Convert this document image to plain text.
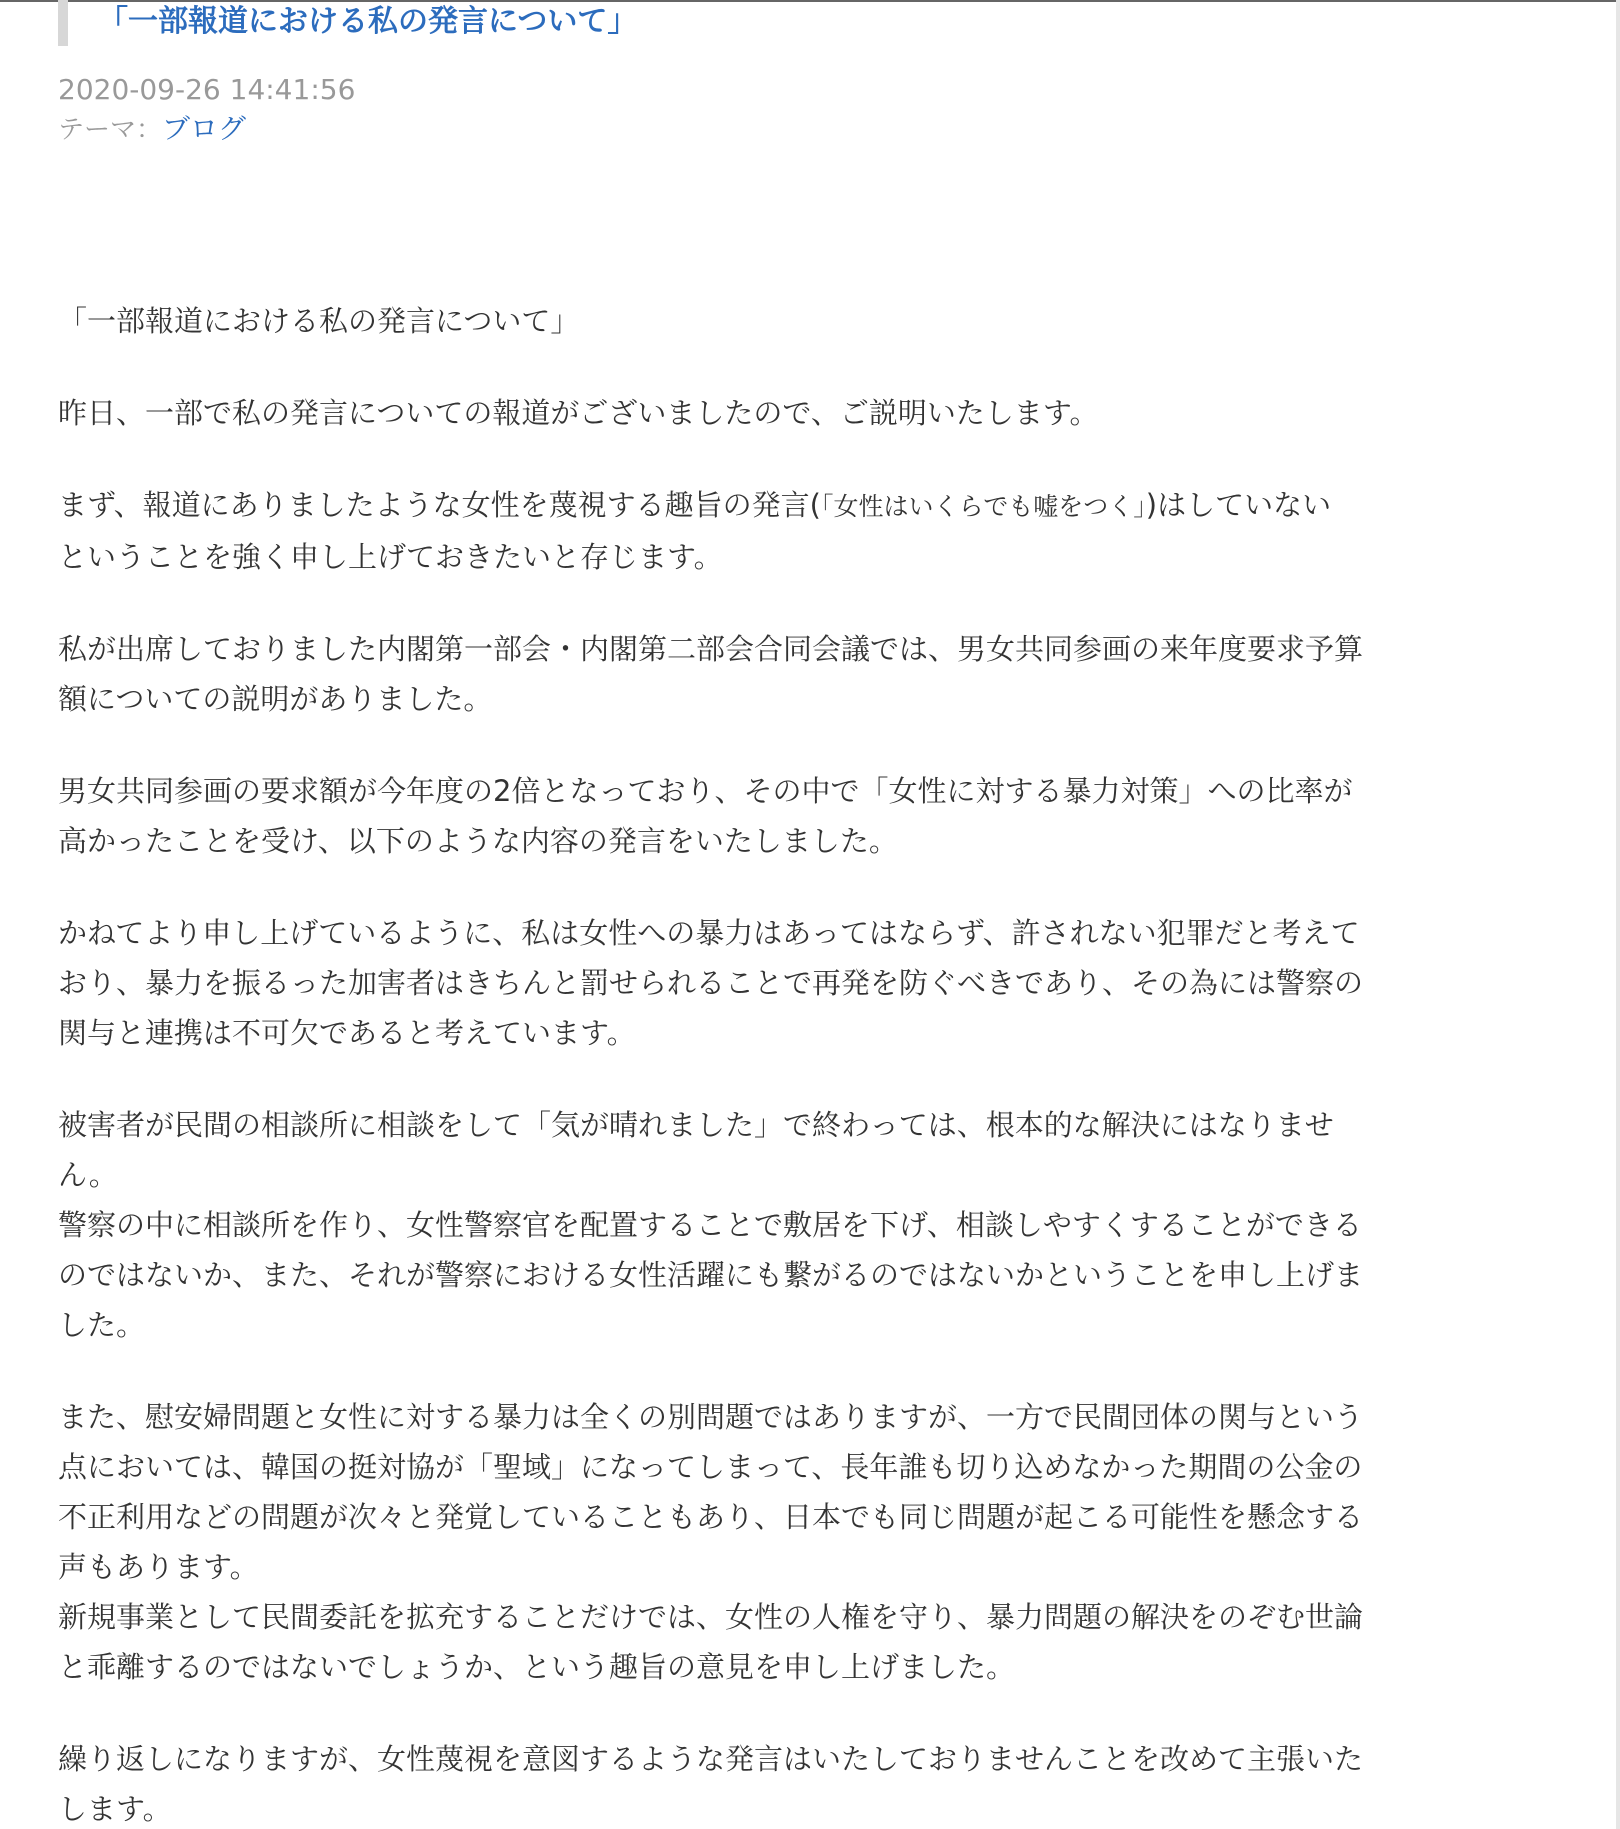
「一部報道における私の発言について」
2020-09-26 14:41:56
テーマ：ブログ

「一部報道における私の発言について」

昨日、一部で私の発言についての報道がございましたので、ご説明いたします。

まず、報道にありましたような女性を蔑視する趣旨の発言(「女性はいくらでも嘘をつく」)はしていない
ということを強く申し上げておきたいと存じます。

私が出席しておりました内閣第一部会・内閣第二部会合同会議では、男女共同参画の来年度要求予算
額についての説明がありました。

男女共同参画の要求額が今年度の2倍となっており、その中で「女性に対する暴力対策」への比率が
高かったことを受け、以下のような内容の発言をいたしました。

かねてより申し上げているように、私は女性への暴力はあってはならず、許されない犯罪だと考えて
おり、暴力を振るった加害者はきちんと罰せられることで再発を防ぐべきであり、その為には警察の
関与と連携は不可欠であると考えています。

被害者が民間の相談所に相談をして「気が晴れました」で終わっては、根本的な解決にはなりませ
ん。
警察の中に相談所を作り、女性警察官を配置することで敷居を下げ、相談しやすくすることができる
のではないか、また、それが警察における女性活躍にも繋がるのではないかということを申し上げま
した。

また、慰安婦問題と女性に対する暴力は全くの別問題ではありますが、一方で民間団体の関与という
点においては、韓国の挺対協が「聖域」になってしまって、長年誰も切り込めなかった期間の公金の
不正利用などの問題が次々と発覚していることもあり、日本でも同じ問題が起こる可能性を懸念する
声もあります。
新規事業として民間委託を拡充することだけでは、女性の人権を守り、暴力問題の解決をのぞむ世論
と乖離するのではないでしょうか、という趣旨の意見を申し上げました。

繰り返しになりますが、女性蔑視を意図するような発言はいたしておりませんことを改めて主張いた
します。
